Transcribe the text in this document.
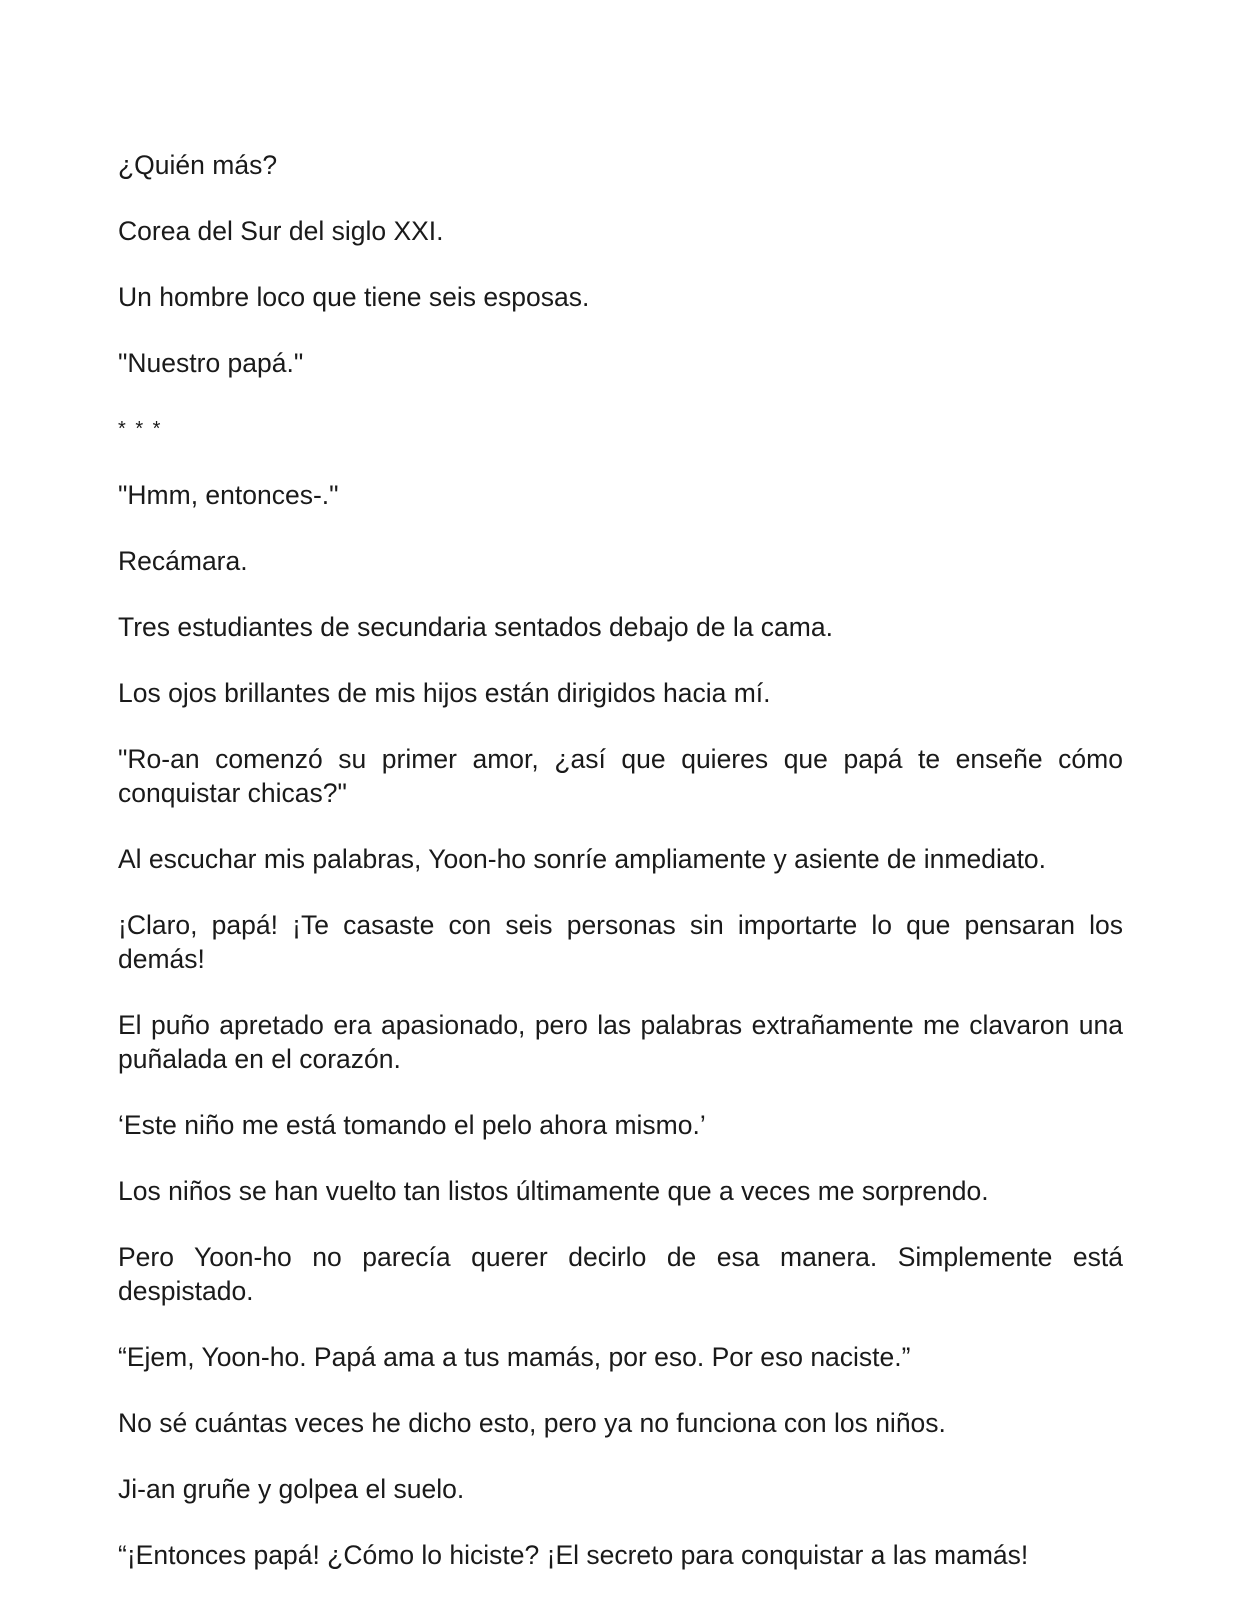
¿Quién más?

Corea del Sur del siglo XXI.

Un hombre loco que tiene seis esposas.

"Nuestro papá."

* * *

"Hmm, entonces-."

Recámara.

Tres estudiantes de secundaria sentados debajo de la cama.

Los ojos brillantes de mis hijos están dirigidos hacia mí.

"Ro-an comenzó su primer amor, ¿así que quieres que papá te enseñe cómo conquistar chicas?"

Al escuchar mis palabras, Yoon-ho sonríe ampliamente y asiente de inmediato.

¡Claro, papá! ¡Te casaste con seis personas sin importarte lo que pensaran los demás!

El puño apretado era apasionado, pero las palabras extrañamente me clavaron una puñalada en el corazón.

‘Este niño me está tomando el pelo ahora mismo.’

Los niños se han vuelto tan listos últimamente que a veces me sorprendo.

Pero Yoon-ho no parecía querer decirlo de esa manera. Simplemente está despistado.

“Ejem, Yoon-ho. Papá ama a tus mamás, por eso. Por eso naciste.”

No sé cuántas veces he dicho esto, pero ya no funciona con los niños.

Ji-an gruñe y golpea el suelo.

“¡Entonces papá! ¿Cómo lo hiciste? ¡El secreto para conquistar a las mamás!
